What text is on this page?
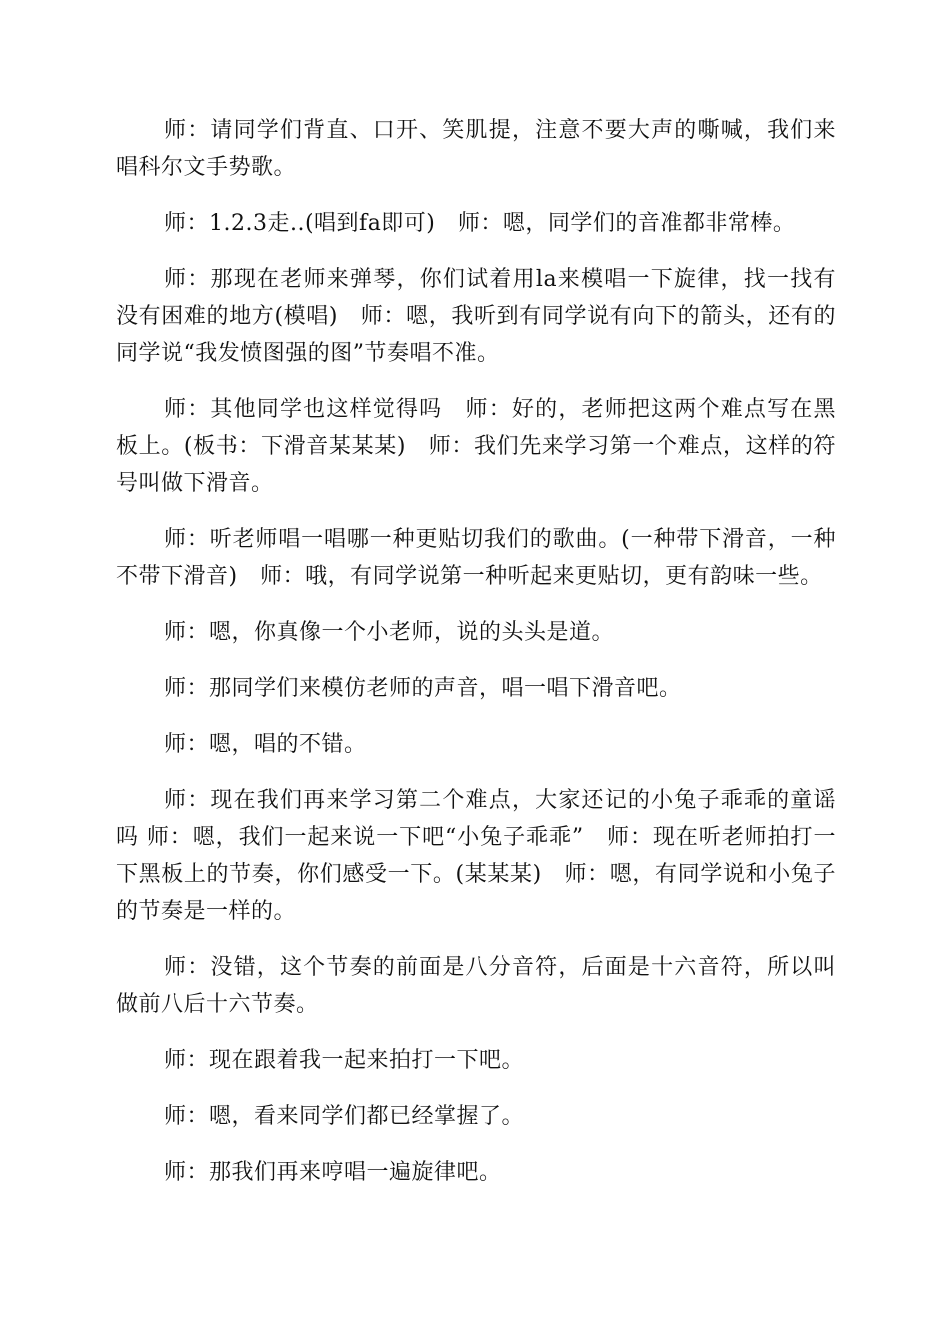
师：请同学们背直、口开、笑肌提，注意不要大声的嘶喊，我们来唱科尔文手势歌。

师：1.2.3走..(唱到fa即可)　师：嗯，同学们的音准都非常棒。

师：那现在老师来弹琴，你们试着用la来模唱一下旋律，找一找有没有困难的地方(模唱)　师：嗯，我听到有同学说有向下的箭头，还有的同学说“我发愤图强的图”节奏唱不准。

师：其他同学也这样觉得吗　师：好的，老师把这两个难点写在黑板上。(板书：下滑音某某某)　师：我们先来学习第一个难点，这样的符号叫做下滑音。

师：听老师唱一唱哪一种更贴切我们的歌曲。(一种带下滑音，一种不带下滑音)　师：哦，有同学说第一种听起来更贴切，更有韵味一些。

师：嗯，你真像一个小老师，说的头头是道。

师：那同学们来模仿老师的声音，唱一唱下滑音吧。

师：嗯，唱的不错。

师：现在我们再来学习第二个难点，大家还记的小兔子乖乖的童谣吗 师：嗯，我们一起来说一下吧“小兔子乖乖”　师：现在听老师拍打一下黑板上的节奏，你们感受一下。(某某某)　师：嗯，有同学说和小兔子的节奏是一样的。

师：没错，这个节奏的前面是八分音符，后面是十六音符，所以叫做前八后十六节奏。

师：现在跟着我一起来拍打一下吧。

师：嗯，看来同学们都已经掌握了。

师：那我们再来哼唱一遍旋律吧。
